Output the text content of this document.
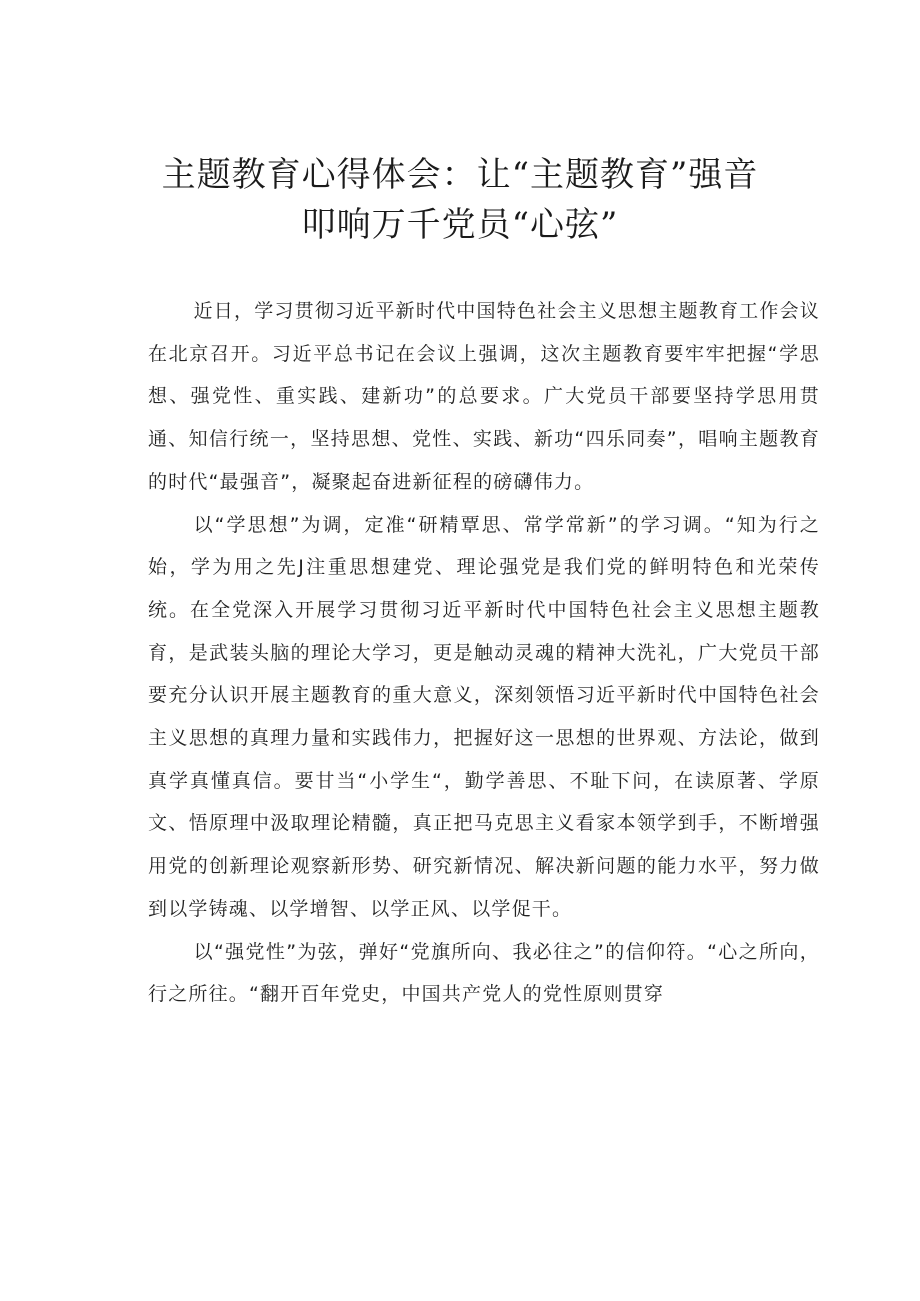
主题教育心得体会：让“主题教育”强音
叩响万千党员“心弦”

近日，学习贯彻习近平新时代中国特色社会主义思想主题教育工作会议在北京召开。习近平总书记在会议上强调，这次主题教育要牢牢把握“学思想、强党性、重实践、建新功”的总要求。广大党员干部要坚持学思用贯通、知信行统一，坚持思想、党性、实践、新功“四乐同奏”，唱响主题教育的时代“最强音”，凝聚起奋进新征程的磅礴伟力。

以“学思想”为调，定准“研精覃思、常学常新”的学习调。“知为行之始，学为用之先J注重思想建党、理论强党是我们党的鲜明特色和光荣传统。在全党深入开展学习贯彻习近平新时代中国特色社会主义思想主题教育，是武装头脑的理论大学习，更是触动灵魂的精神大洗礼，广大党员干部要充分认识开展主题教育的重大意义，深刻领悟习近平新时代中国特色社会主义思想的真理力量和实践伟力，把握好这一思想的世界观、方法论，做到真学真懂真信。要甘当“小学生“，勤学善思、不耻下问，在读原著、学原文、悟原理中汲取理论精髓，真正把马克思主义看家本领学到手，不断增强用党的创新理论观察新形势、研究新情况、解决新问题的能力水平，努力做到以学铸魂、以学增智、以学正风、以学促干。

以“强党性”为弦，弹好“党旗所向、我必往之”的信仰符。“心之所向，行之所往。“翻开百年党史，中国共产党人的党性原则贯穿
